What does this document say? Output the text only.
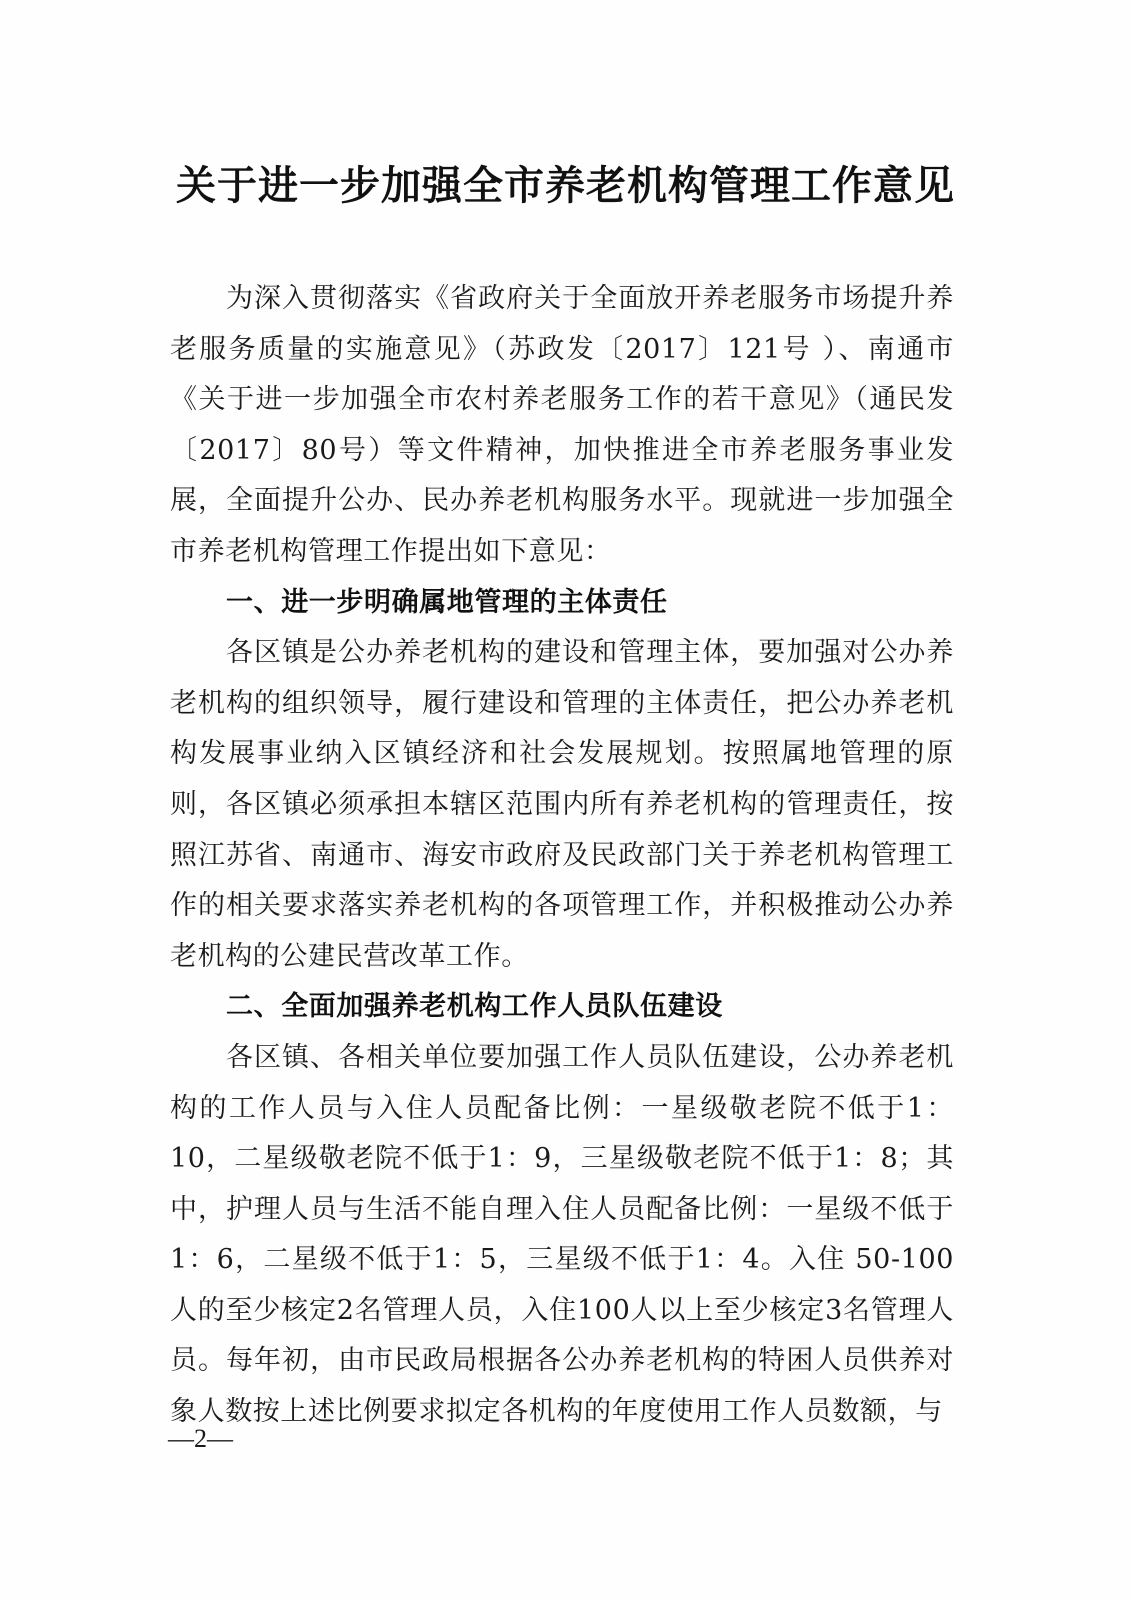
关于进一步加强全市养老机构管理工作意见

为深入贯彻落实《省政府关于全面放开养老服务市场提升养老服务质量的实施意见》（苏政发〔2017〕121号 ）、南通市《关于进一步加强全市农村养老服务工作的若干意见》（通民发〔2017〕80号）等文件精神，加快推进全市养老服务事业发展，全面提升公办、民办养老机构服务水平。现就进一步加强全市养老机构管理工作提出如下意见：

一、进一步明确属地管理的主体责任

各区镇是公办养老机构的建设和管理主体，要加强对公办养老机构的组织领导，履行建设和管理的主体责任，把公办养老机构发展事业纳入区镇经济和社会发展规划。按照属地管理的原则，各区镇必须承担本辖区范围内所有养老机构的管理责任，按照江苏省、南通市、海安市政府及民政部门关于养老机构管理工作的相关要求落实养老机构的各项管理工作，并积极推动公办养老机构的公建民营改革工作。

二、全面加强养老机构工作人员队伍建设

各区镇、各相关单位要加强工作人员队伍建设，公办养老机构的工作人员与入住人员配备比例：一星级敬老院不低于1：10，二星级敬老院不低于1：9，三星级敬老院不低于1：8；其中，护理人员与生活不能自理入住人员配备比例：一星级不低于1：6，二星级不低于1：5，三星级不低于1：4。入住 50-100人的至少核定2名管理人员，入住100人以上至少核定3名管理人员。每年初，由市民政局根据各公办养老机构的特困人员供养对象人数按上述比例要求拟定各机构的年度使用工作人员数额，与

—2—
